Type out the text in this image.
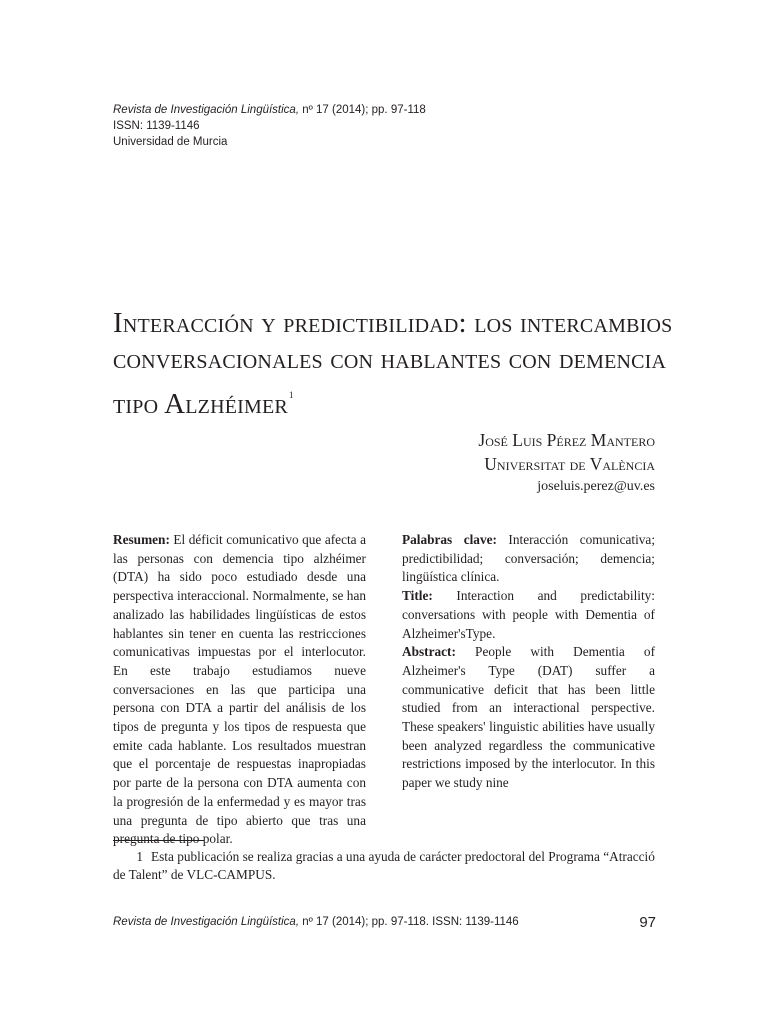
Revista de Investigación Lingüística, nº 17 (2014); pp. 97-118
ISSN: 1139-1146
Universidad de Murcia
Interacción y predictibilidad: los intercambios conversacionales con hablantes con demencia tipo Alzhéimer$^1$
José Luis Pérez Mantero
Universitat de València
joseluis.perez@uv.es

Resumen: El déficit comunicativo que afecta a las personas con demencia tipo alzhéimer (DTA) ha sido poco estudiado desde una perspectiva interaccional. Normalmente, se han analizado las habilidades lingüísticas de estos hablantes sin tener en cuenta las restricciones comunicativas impuestas por el interlocutor. En este trabajo estudiamos nueve conversaciones en las que participa una persona con DTA a partir del análisis de los tipos de pregunta y los tipos de respuesta que emite cada hablante. Los resultados muestran que el porcentaje de respuestas inapropiadas por parte de la persona con DTA aumenta con la progresión de la enfermedad y es mayor tras una pregunta de tipo abierto que tras una pregunta de tipo polar.

Palabras clave: Interacción comunicativa; predictibilidad; conversación; demencia; lingüística clínica.

Title: Interaction and predictability: conversations with people with Dementia of Alzheimer'sType.

Abstract: People with Dementia of Alzheimer's Type (DAT) suffer a communicative deficit that has been little studied from an interactional perspective. These speakers' linguistic abilities have usually been analyzed regardless the communicative restrictions imposed by the interlocutor. In this paper we study nine

1 Esta publicación se realiza gracias a una ayuda de carácter predoctoral del Programa “Atracció de Talent” de VLC-CAMPUS.

Revista de Investigación Lingüística, nº 17 (2014); pp. 97-118. ISSN: 1139-1146	97
